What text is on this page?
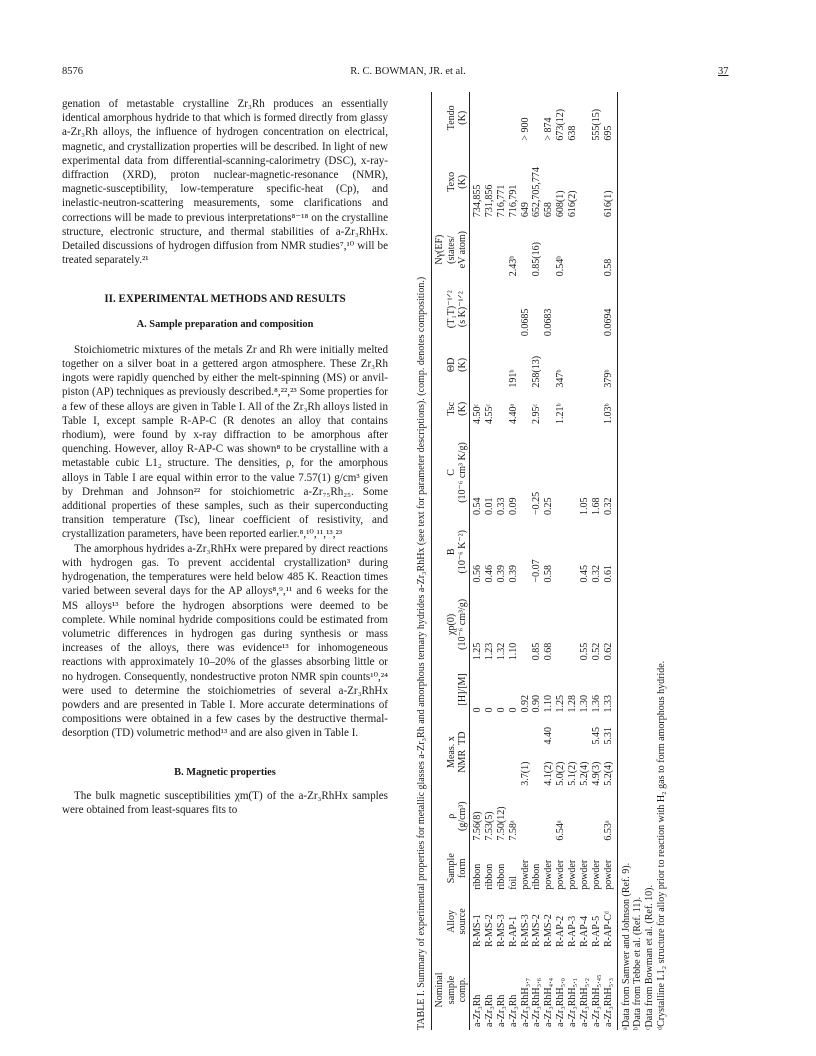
8576	R. C. BOWMAN, JR. et al.	37

genation of metastable crystalline Zr₃Rh produces an essentially identical amorphous hydride to that which is formed directly from glassy a-Zr₃Rh alloys, the influence of hydrogen concentration on electrical, magnetic, and crystallization properties will be described. In light of new experimental data from differential-scanning-calorimetry (DSC), x-ray-diffraction (XRD), proton nuclear-magnetic-resonance (NMR), magnetic-susceptibility, low-temperature specific-heat (Cp), and inelastic-neutron-scattering measurements, some clarifications and corrections will be made to previous interpretations⁸⁻¹⁸ on the crystalline structure, electronic structure, and thermal stabilities of a-Zr₃RhHx. Detailed discussions of hydrogen diffusion from NMR studies⁷,¹⁰ will be treated separately.²¹

II. EXPERIMENTAL METHODS AND RESULTS
A. Sample preparation and composition

Stoichiometric mixtures of the metals Zr and Rh were initially melted together on a silver boat in a gettered argon atmosphere. These Zr₃Rh ingots were rapidly quenched by either the melt-spinning (MS) or anvil-piston (AP) techniques as previously described.⁸,²²,²³ Some properties for a few of these alloys are given in Table I. All of the Zr₃Rh alloys listed in Table I, except sample R-AP-C (R denotes an alloy that contains rhodium), were found by x-ray diffraction to be amorphous after quenching. However, alloy R-AP-C was shown⁸ to be crystalline with a metastable cubic L1₂ structure. The densities, ρ, for the amorphous alloys in Table I are equal within error to the value 7.57(1) g/cm³ given by Drehman and Johnson²² for stoichiometric a-Zr₇₅Rh₂₅. Some additional properties of these samples, such as their superconducting transition temperature (Tsc), linear coefficient of resistivity, and crystallization parameters, have been reported earlier.⁸,¹⁰,¹¹,¹³,²³

The amorphous hydrides a-Zr₃RhHx were prepared by direct reactions with hydrogen gas. To prevent accidental crystallization³ during hydrogenation, the temperatures were held below 485 K. Reaction times varied between several days for the AP alloys⁸,⁹,¹¹ and 6 weeks for the MS alloys¹³ before the hydrogen absorptions were deemed to be complete. While nominal hydride compositions could be estimated from volumetric differences in hydrogen gas during synthesis or mass increases of the alloys, there was evidence¹³ for inhomogeneous reactions with approximately 10–20% of the glasses absorbing little or no hydrogen. Consequently, nondestructive proton NMR spin counts¹⁰,²⁴ were used to determine the stoichiometries of several a-Zr₃RhHx powders and are presented in Table I. More accurate determinations of compositions were obtained in a few cases by the destructive thermal-desorption (TD) volumetric method¹³ and are also given in Table I.

B. Magnetic properties

The bulk magnetic susceptibilities χm(T) of the a-Zr₃RhHx samples were obtained from least-squares fits to	TABLE I. Summary of experimental properties for metallic glasses a-Zr₃Rh and amorphous ternary hydrides a-Zr₃RhHx (see text for parameter descriptions). (comp. denotes composition.) Nominal
sample
comp.	Alloy
source	Sample
form	ρ
(g/cm³)	Meas. x
NMR  TD		[H]/[M]	χp(0)
(10⁻⁶ cm³/g)	B
(10⁻⁶ K⁻²)	C
(10⁻⁶ cm³ K/g)	Tsc
(K)	ΘD
(K)	(T₁T)⁻¹ᐟ²
(s K)⁻¹ᐟ²	Nγ(EF)
(states/
eV atom)	Texo
(K)	Tendo
(K)

a-Zr₃Rh	R-MS-1	ribbon	7.56(8)			0	1.25	0.56	0.54	4.50ᶜ				734,855	
a-Zr₃Rh	R-MS-2	ribbon	7.53(5)			0	1.23	0.46	0.01	4.55ᶜ				731,856	
a-Zr₃Rh	R-MS-3	ribbon	7.50(12)			0	1.32	0.39	0.33					716,771	
a-Zr₃Rh	R-AP-1	foil	7.58ᵃ			0	1.10	0.39	0.09	4.40ᵃ	191ᵇ		2.43ᵇ	716,791	
a-Zr₃RhH₃.₇	R-MS-3	powder		3.7(1)		0.92						0.0685		649	> 900
a-Zr₃RhH₃.₆	R-MS-2	ribbon				0.90	0.85	−0.07	−0.25	2.95ᶜ	258(13)		0.85(16)	652,705,774	
a-Zr₃RhH₄.₄	R-MS-2	powder		4.1(2)	4.40	1.10	0.68	0.58	0.25			0.0683		658	> 874
a-Zr₃RhH₅.₀	R-AP-2	powder	6.54ᵃ	5.0(2)		1.25				1.21ᵇ	347ᵇ		0.54ᵇ	608(1)	673(12)
a-Zr₃RhH₅.₁	R-AP-3	powder		5.1(2)		1.28								616(2)	638
a-Zr₃RhH₅.₂	R-AP-4	powder		5.2(4)		1.30	0.55	0.45	1.05						
a-Zr₃RhH₅.₄₅	R-AP-5	powder		4.9(3)	5.45	1.36	0.52	0.32	1.68						555(15)
a-Zr₃RhH₅.₃	R-AP-Cᵈ	powder	6.53ᵃ	5.2(4)	5.31	1.33	0.62	0.61	0.32	1.03ᵇ	379ᵇ	0.0694	0.58	616(1)	695
ᵃData from Samwer and Johnson (Ref. 9). ᵇData from Tebbe et al. (Ref. 11). ᶜData from Bowman et al. (Ref. 10). ᵈCrystalline L1₂ structure for alloy prior to reaction with H₂ gas to form amorphous hydride.
